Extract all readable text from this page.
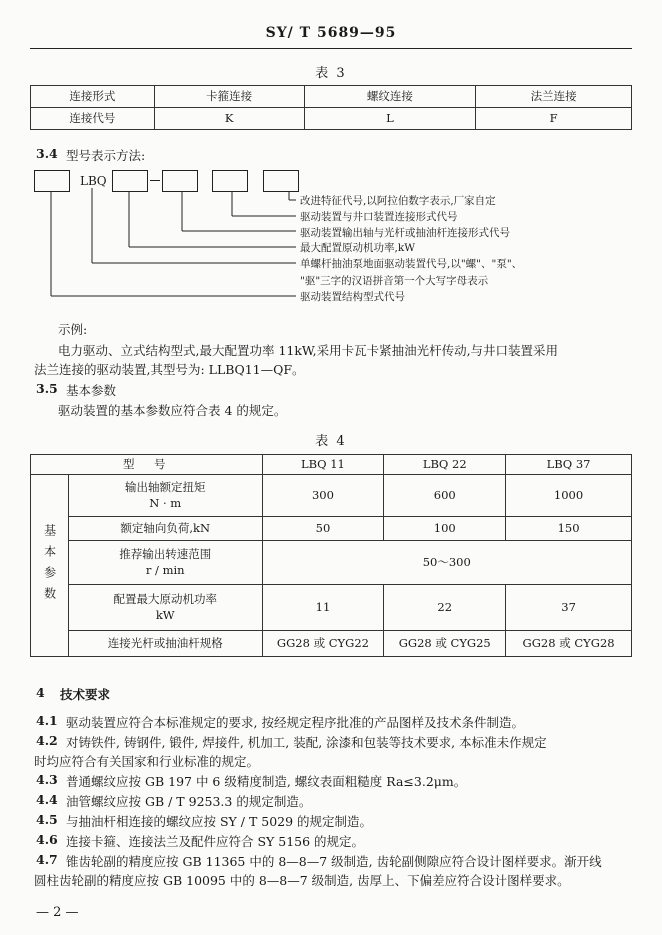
SY/ T 5689—95
表 3
连接形式	卡箍连接	螺纹连接	法兰连接
连接代号	K	L	F
3.4 型号表示方法:
LBQ
改进特征代号,以阿拉伯数字表示,厂家自定
驱动装置与井口装置连接形式代号
驱动装置输出轴与光杆或抽油杆连接形式代号
最大配置原动机功率,kW
单螺杆抽油泵地面驱动装置代号,以"螺"、"泵"、
"驱"三字的汉语拼音第一个大写字母表示
驱动装置结构型式代号
示例:
电力驱动、立式结构型式,最大配置功率 11kW,采用卡瓦卡紧抽油光杆传动,与井口装置采用
法兰连接的驱动装置,其型号为: LLBQ11—QF。
3.5 基本参数
驱动装置的基本参数应符合表 4 的规定。
表 4
型　号		LBQ 11	LBQ 22	LBQ 37
基本参数	输出轴额定扭矩
N · m	300	600	1000
	额定轴向负荷,kN	50	100	150

	推荐输出转速范围
r / min	50～300		

	配置最大原动机功率
kW	11	22	37
	连接光杆或抽油杆规格	GG28 或 CYG22	GG28 或 CYG25	GG28 或 CYG28
4 技术要求
4.1 驱动装置应符合本标准规定的要求, 按经规定程序批准的产品图样及技术条件制造。
4.2 对铸铁件, 铸钢件, 锻件, 焊接件, 机加工, 装配, 涂漆和包装等技术要求, 本标准未作规定
时均应符合有关国家和行业标准的规定。
4.3 普通螺纹应按 GB 197 中 6 级精度制造, 螺纹表面粗糙度 Ra≤3.2μm。
4.4 油管螺纹应按 GB / T 9253.3 的规定制造。
4.5 与抽油杆相连接的螺纹应按 SY / T 5029 的规定制造。
4.6 连接卡箍、连接法兰及配件应符合 SY 5156 的规定。
4.7 锥齿轮副的精度应按 GB 11365 中的 8—8—7 级制造, 齿轮副侧隙应符合设计图样要求。渐开线
圆柱齿轮副的精度应按 GB 10095 中的 8—8—7 级制造, 齿厚上、下偏差应符合设计图样要求。
— 2 —
